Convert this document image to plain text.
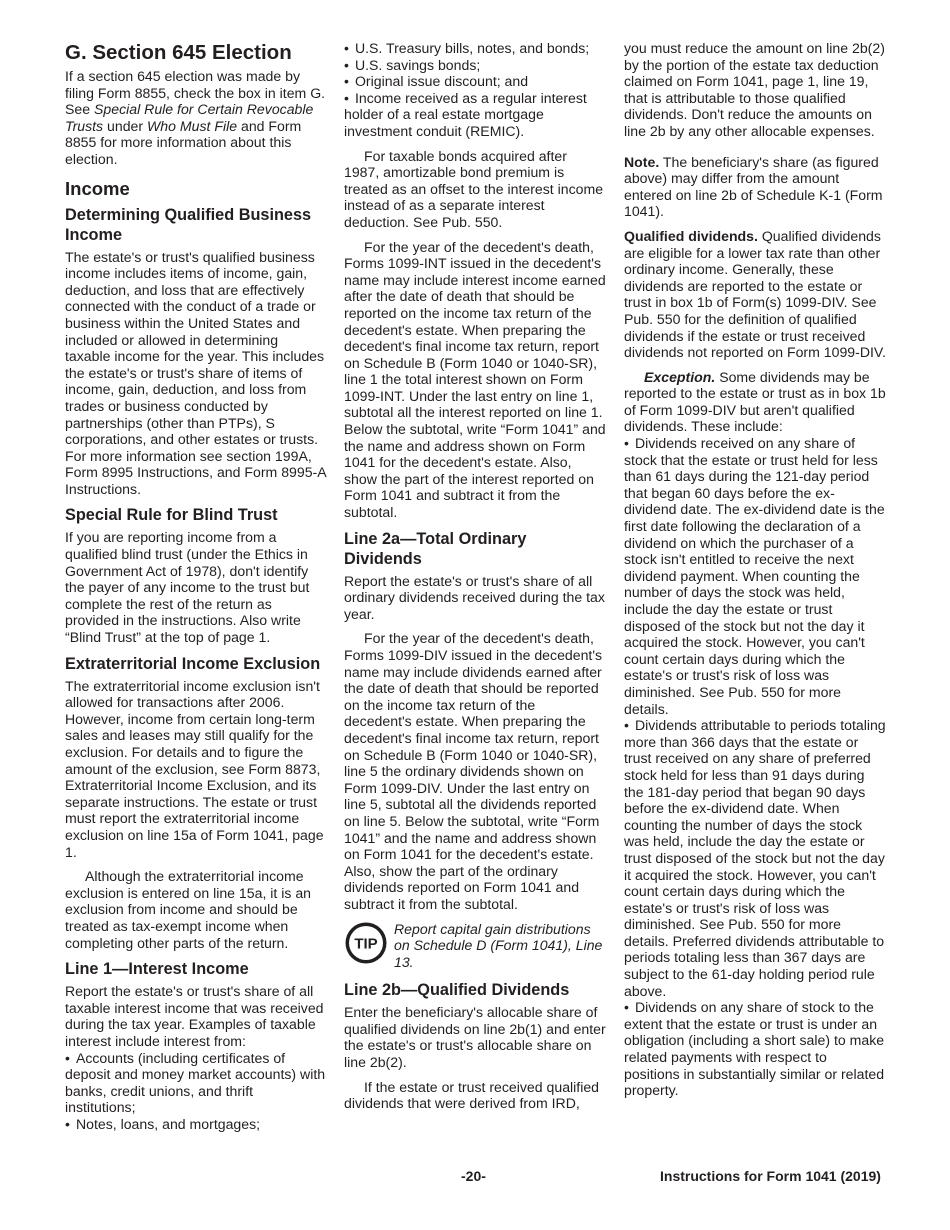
G. Section 645 Election

If a section 645 election was made by filing Form 8855, check the box in item G. See Special Rule for Certain Revocable Trusts under Who Must File and Form 8855 for more information about this election.

Income
Determining Qualified Business Income

The estate's or trust's qualified business income includes items of income, gain, deduction, and loss that are effectively connected with the conduct of a trade or business within the United States and included or allowed in determining taxable income for the year. This includes the estate's or trust's share of items of income, gain, deduction, and loss from trades or business conducted by partnerships (other than PTPs), S corporations, and other estates or trusts. For more information see section 199A, Form 8995 Instructions, and Form 8995-A Instructions.

Special Rule for Blind Trust

If you are reporting income from a qualified blind trust (under the Ethics in Government Act of 1978), don't identify the payer of any income to the trust but complete the rest of the return as provided in the instructions. Also write “Blind Trust” at the top of page 1.

Extraterritorial Income Exclusion

The extraterritorial income exclusion isn't allowed for transactions after 2006. However, income from certain long-term sales and leases may still qualify for the exclusion. For details and to figure the amount of the exclusion, see Form 8873, Extraterritorial Income Exclusion, and its separate instructions. The estate or trust must report the extraterritorial income exclusion on line 15a of Form 1041, page 1.

Although the extraterritorial income exclusion is entered on line 15a, it is an exclusion from income and should be treated as tax-exempt income when completing other parts of the return.

Line 1—Interest Income

Report the estate's or trust's share of all taxable interest income that was received during the tax year. Examples of taxable interest include interest from:

• Accounts (including certificates of deposit and money market accounts) with banks, credit unions, and thrift institutions;
• Notes, loans, and mortgages;
• U.S. Treasury bills, notes, and bonds;
• U.S. savings bonds;
• Original issue discount; and
• Income received as a regular interest holder of a real estate mortgage investment conduit (REMIC).

For taxable bonds acquired after 1987, amortizable bond premium is treated as an offset to the interest income instead of as a separate interest deduction. See Pub. 550.

For the year of the decedent's death, Forms 1099-INT issued in the decedent's name may include interest income earned after the date of death that should be reported on the income tax return of the decedent's estate. When preparing the decedent's final income tax return, report on Schedule B (Form 1040 or 1040-SR), line 1 the total interest shown on Form 1099-INT. Under the last entry on line 1, subtotal all the interest reported on line 1. Below the subtotal, write “Form 1041” and the name and address shown on Form 1041 for the decedent's estate. Also, show the part of the interest reported on Form 1041 and subtract it from the subtotal.

Line 2a—Total Ordinary Dividends

Report the estate's or trust's share of all ordinary dividends received during the tax year.

For the year of the decedent's death, Forms 1099-DIV issued in the decedent's name may include dividends earned after the date of death that should be reported on the income tax return of the decedent's estate. When preparing the decedent's final income tax return, report on Schedule B (Form 1040 or 1040-SR), line 5 the ordinary dividends shown on Form 1099-DIV. Under the last entry on line 5, subtotal all the dividends reported on line 5. Below the subtotal, write “Form 1041” and the name and address shown on Form 1041 for the decedent's estate. Also, show the part of the ordinary dividends reported on Form 1041 and subtract it from the subtotal.

TIP
Report capital gain distributions on Schedule D (Form 1041), Line 13.
Line 2b—Qualified Dividends

Enter the beneficiary's allocable share of qualified dividends on line 2b(1) and enter the estate's or trust's allocable share on line 2b(2).

If the estate or trust received qualified dividends that were derived from IRD,

you must reduce the amount on line 2b(2) by the portion of the estate tax deduction claimed on Form 1041, page 1, line 19, that is attributable to those qualified dividends. Don't reduce the amounts on line 2b by any other allocable expenses.

Note. The beneficiary's share (as figured above) may differ from the amount entered on line 2b of Schedule K-1 (Form 1041).

Qualified dividends. Qualified dividends are eligible for a lower tax rate than other ordinary income. Generally, these dividends are reported to the estate or trust in box 1b of Form(s) 1099-DIV. See Pub. 550 for the definition of qualified dividends if the estate or trust received dividends not reported on Form 1099-DIV.

Exception. Some dividends may be reported to the estate or trust as in box 1b of Form 1099-DIV but aren't qualified dividends. These include:

• Dividends received on any share of stock that the estate or trust held for less than 61 days during the 121-day period that began 60 days before the ex-dividend date. The ex-dividend date is the first date following the declaration of a dividend on which the purchaser of a stock isn't entitled to receive the next dividend payment. When counting the number of days the stock was held, include the day the estate or trust disposed of the stock but not the day it acquired the stock. However, you can't count certain days during which the estate's or trust's risk of loss was diminished. See Pub. 550 for more details.
• Dividends attributable to periods totaling more than 366 days that the estate or trust received on any share of preferred stock held for less than 91 days during the 181-day period that began 90 days before the ex-dividend date. When counting the number of days the stock was held, include the day the estate or trust disposed of the stock but not the day it acquired the stock. However, you can't count certain days during which the estate's or trust's risk of loss was diminished. See Pub. 550 for more details. Preferred dividends attributable to periods totaling less than 367 days are subject to the 61-day holding period rule above.
• Dividends on any share of stock to the extent that the estate or trust is under an obligation (including a short sale) to make related payments with respect to positions in substantially similar or related property.
-20-	Instructions for Form 1041 (2019)
